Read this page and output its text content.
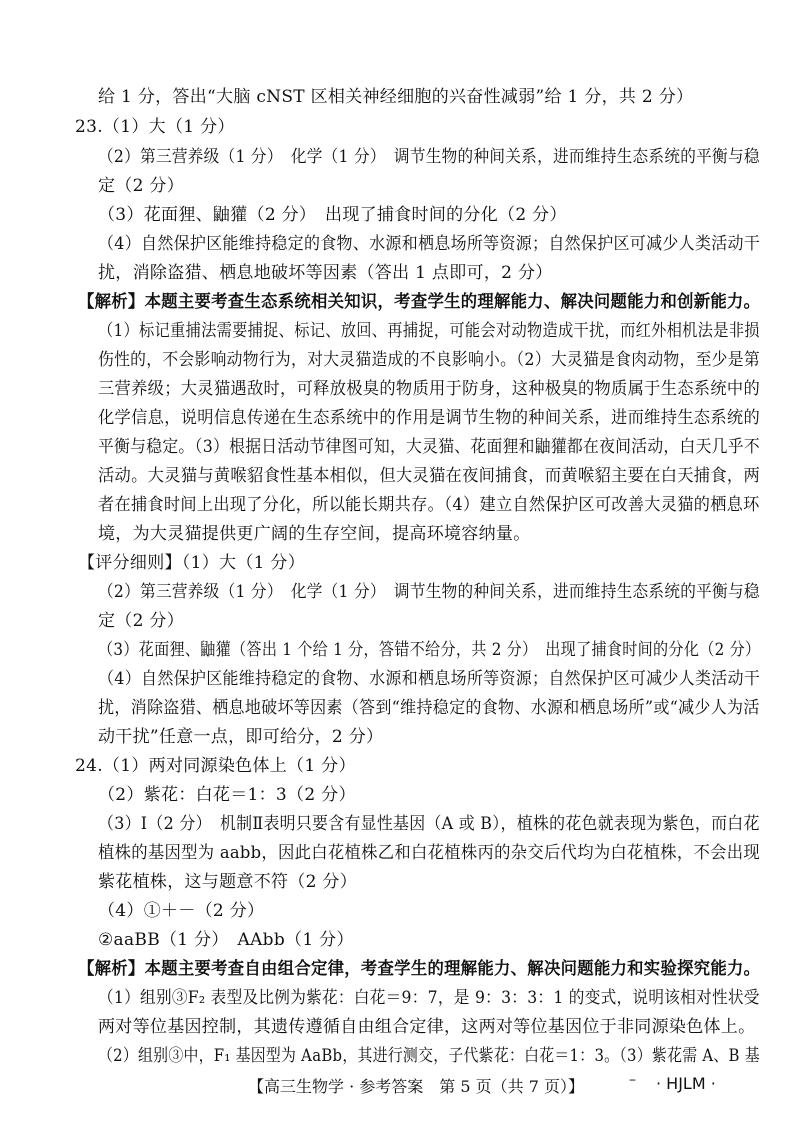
给 1 分，答出“大脑 cNST 区相关神经细胞的兴奋性减弱”给 1 分，共 2 分）
23.（1）大（1 分）
（2）第三营养级（1 分）　化学（1 分）　调节生物的种间关系，进而维持生态系统的平衡与稳
定（2 分）
（3）花面狸、鼬獾（2 分）　出现了捕食时间的分化（2 分）
（4）自然保护区能维持稳定的食物、水源和栖息场所等资源；自然保护区可减少人类活动干
扰，消除盗猎、栖息地破坏等因素（答出 1 点即可，2 分）
【解析】本题主要考查生态系统相关知识，考查学生的理解能力、解决问题能力和创新能力。
（1）标记重捕法需要捕捉、标记、放回、再捕捉，可能会对动物造成干扰，而红外相机法是非损
伤性的，不会影响动物行为，对大灵猫造成的不良影响小。（2）大灵猫是食肉动物，至少是第
三营养级；大灵猫遇敌时，可释放极臭的物质用于防身，这种极臭的物质属于生态系统中的
化学信息，说明信息传递在生态系统中的作用是调节生物的种间关系，进而维持生态系统的
平衡与稳定。（3）根据日活动节律图可知，大灵猫、花面狸和鼬獾都在夜间活动，白天几乎不
活动。大灵猫与黄喉貂食性基本相似，但大灵猫在夜间捕食，而黄喉貂主要在白天捕食，两
者在捕食时间上出现了分化，所以能长期共存。（4）建立自然保护区可改善大灵猫的栖息环
境，为大灵猫提供更广阔的生存空间，提高环境容纳量。
【评分细则】（1）大（1 分）
（2）第三营养级（1 分）　化学（1 分）　调节生物的种间关系，进而维持生态系统的平衡与稳
定（2 分）
（3）花面狸、鼬獾（答出 1 个给 1 分，答错不给分，共 2 分）　出现了捕食时间的分化（2 分）
（4）自然保护区能维持稳定的食物、水源和栖息场所等资源；自然保护区可减少人类活动干
扰，消除盗猎、栖息地破坏等因素（答到“维持稳定的食物、水源和栖息场所”或“减少人为活
动干扰”任意一点，即可给分，2 分）
24.（1）两对同源染色体上（1 分）
（2）紫花：白花＝1：3（2 分）
（3）Ⅰ（2 分）　机制Ⅱ表明只要含有显性基因（A 或 B），植株的花色就表现为紫色，而白花
植株的基因型为 aabb，因此白花植株乙和白花植株丙的杂交后代均为白花植株，不会出现
紫花植株，这与题意不符（2 分）
（4）①＋－（2 分）
②aaBB（1 分）　AAbb（1 分）
【解析】本题主要考查自由组合定律，考查学生的理解能力、解决问题能力和实验探究能力。
（1）组别③F₂ 表型及比例为紫花：白花＝9：7，是 9：3：3：1 的变式，说明该相对性状受
两对等位基因控制，其遗传遵循自由组合定律，这两对等位基因位于非同源染色体上。
（2）组别③中，F₁ 基因型为 AaBb，其进行测交，子代紫花：白花＝1：3。（3）紫花需 A、B 基
【高三生物学 · 参考答案　第 5 页（共 7 页）】	– · HJLM ·
